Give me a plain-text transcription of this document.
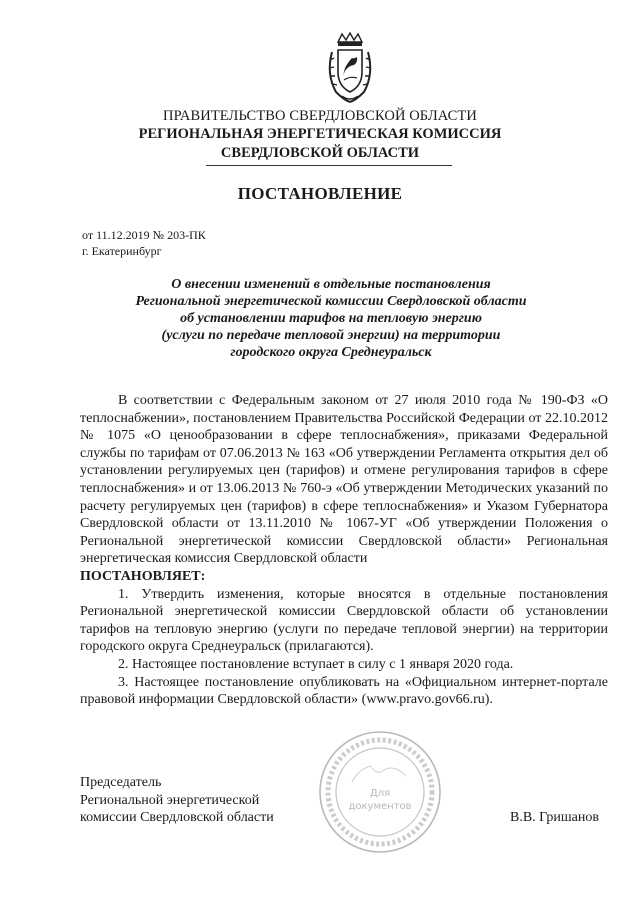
ПРАВИТЕЛЬСТВО СВЕРДЛОВСКОЙ ОБЛАСТИ
РЕГИОНАЛЬНАЯ ЭНЕРГЕТИЧЕСКАЯ КОМИССИЯ
СВЕРДЛОВСКОЙ ОБЛАСТИ
ПОСТАНОВЛЕНИЕ
от 11.12.2019 № 203-ПК
г. Екатеринбург
О внесении изменений в отдельные постановления
Региональной энергетической комиссии Свердловской области
об установлении тарифов на тепловую энергию
(услуги по передаче тепловой энергии) на территории
городского округа Среднеуральск

В соответствии с Федеральным законом от 27 июля 2010 года № 190-ФЗ «О теплоснабжении», постановлением Правительства Российской Федерации от 22.10.2012 № 1075 «О ценообразовании в сфере теплоснабжения», приказами Федеральной службы по тарифам от 07.06.2013 № 163 «Об утверждении Регламента открытия дел об установлении регулируемых цен (тарифов) и отмене регулирования тарифов в сфере теплоснабжения» и от 13.06.2013 № 760-э «Об утверждении Методических указаний по расчету регулируемых цен (тарифов) в сфере теплоснабжения» и Указом Губернатора Свердловской области от 13.11.2010 № 1067-УГ «Об утверждении Положения о Региональной энергетической комиссии Свердловской области» Региональная энергетическая комиссия Свердловской области

ПОСТАНОВЛЯЕТ:

1. Утвердить изменения, которые вносятся в отдельные постановления Региональной энергетической комиссии Свердловской области об установлении тарифов на тепловую энергию (услуги по передаче тепловой энергии) на территории городского округа Среднеуральск (прилагаются).

2. Настоящее постановление вступает в силу с 1 января 2020 года.

3. Настоящее постановление опубликовать на «Официальном интернет-портале правовой информации Свердловской области» (www.pravo.gov66.ru).

Председатель
Региональной энергетической
комиссии Свердловской области	В.В. Гришанов
Для
документов
